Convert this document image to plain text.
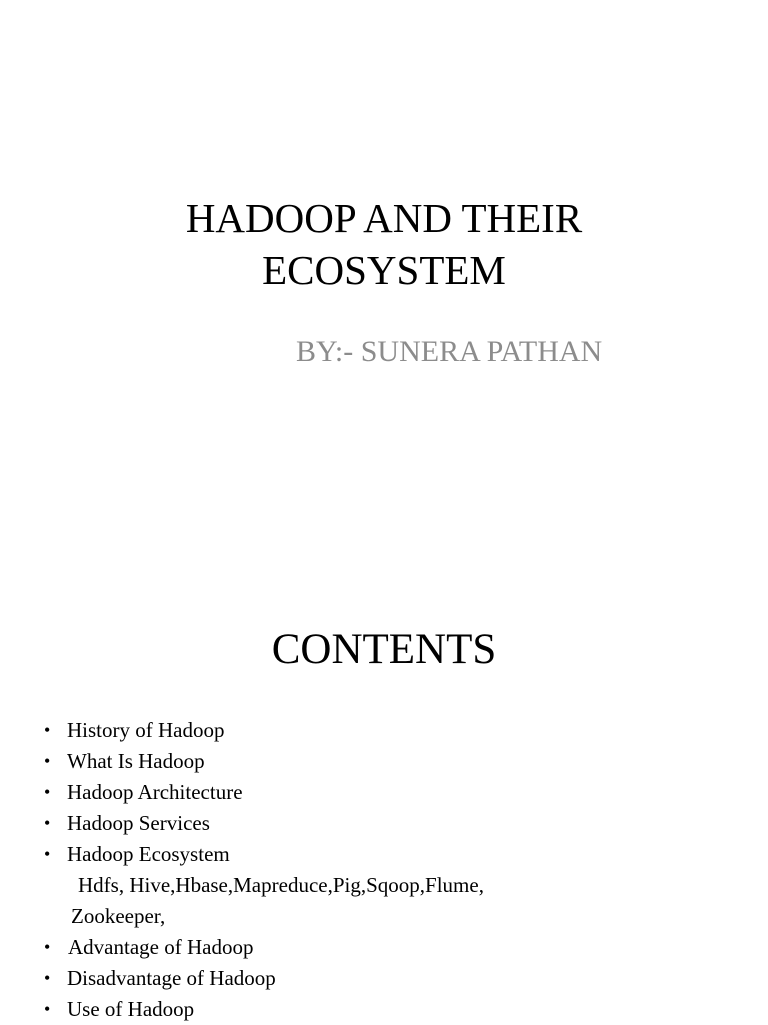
HADOOP AND THEIR
ECOSYSTEM

BY:- SUNERA PATHAN

CONTENTS
• History of Hadoop
• What Is Hadoop
• Hadoop Architecture
• Hadoop Services
• Hadoop Ecosystem
Hdfs, Hive,Hbase,Mapreduce,Pig,Sqoop,Flume,
Zookeeper,
• Advantage of Hadoop
• Disadvantage of Hadoop
• Use of Hadoop
